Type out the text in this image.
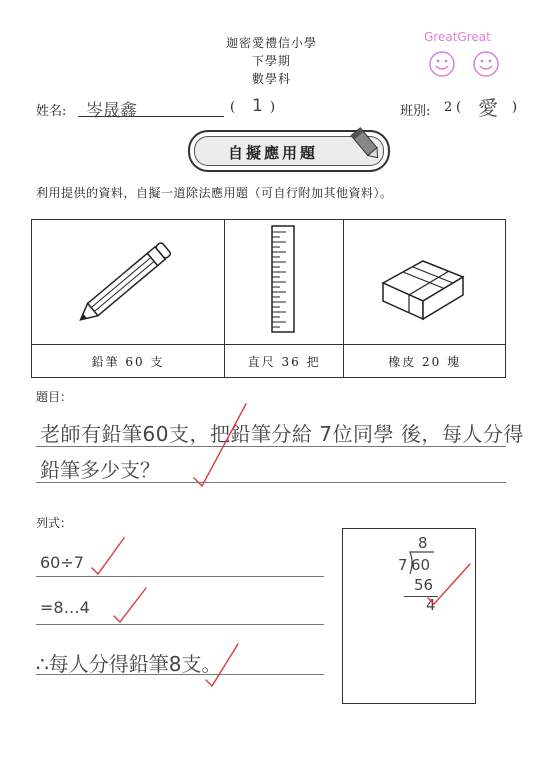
迦密愛禮信小學
下學期
數學科
GreatGreat
姓名:	岑晟鑫	( 1 )	班別: 2 ( 愛 )
自擬應用題
利用提供的資料，自擬一道除法應用題（可自行附加其他資料）。

鉛筆 60 支	直尺 36 把	橡皮 20 塊
題目：
老師有鉛筆60支，把鉛筆分給 7位同學 後，每人分得
鉛筆多少支？
列式：
60÷7
=8…4
∴每人分得鉛筆8支。
8
7 60
56
4
